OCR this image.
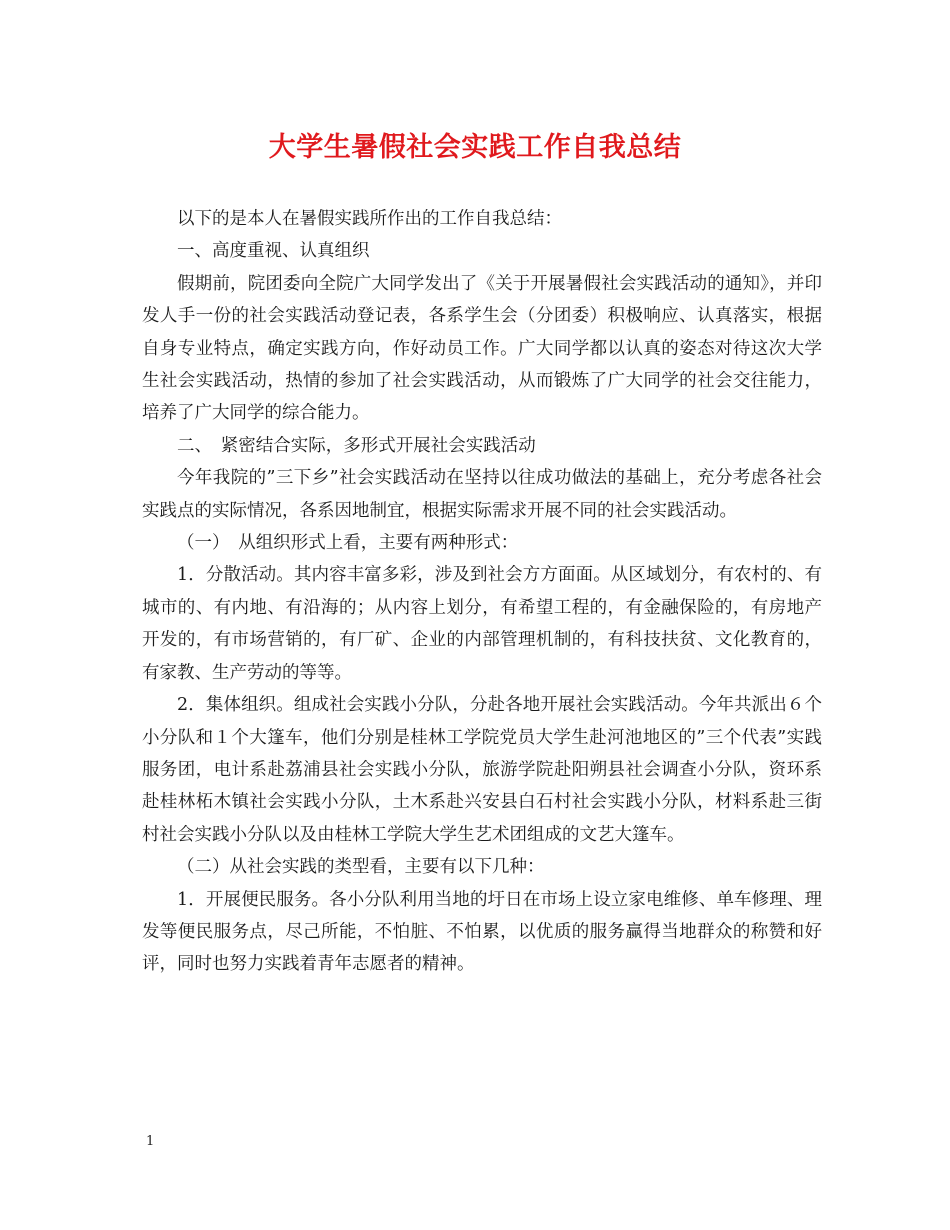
大学生暑假社会实践工作自我总结

以下的是本人在暑假实践所作出的工作自我总结：

一、高度重视、认真组织

假期前，院团委向全院广大同学发出了《关于开展暑假社会实践活动的通知》，并印发人手一份的社会实践活动登记表，各系学生会（分团委）积极响应、认真落实，根据自身专业特点，确定实践方向，作好动员工作。广大同学都以认真的姿态对待这次大学生社会实践活动，热情的参加了社会实践活动，从而锻炼了广大同学的社会交往能力，培养了广大同学的综合能力。

二、　紧密结合实际，多形式开展社会实践活动

今年我院的”三下乡”社会实践活动在坚持以往成功做法的基础上，充分考虑各社会实践点的实际情况，各系因地制宜，根据实际需求开展不同的社会实践活动。

（一）　从组织形式上看，主要有两种形式：

1．分散活动。其内容丰富多彩，涉及到社会方方面面。从区域划分，有农村的、有城市的、有内地、有沿海的；从内容上划分，有希望工程的，有金融保险的，有房地产开发的，有市场营销的，有厂矿、企业的内部管理机制的，有科技扶贫、文化教育的，有家教、生产劳动的等等。

2．集体组织。组成社会实践小分队，分赴各地开展社会实践活动。今年共派出６个小分队和１个大篷车，他们分别是桂林工学院党员大学生赴河池地区的”三个代表”实践服务团，电计系赴荔浦县社会实践小分队，旅游学院赴阳朔县社会调查小分队，资环系赴桂林柘木镇社会实践小分队，土木系赴兴安县白石村社会实践小分队，材料系赴三街村社会实践小分队以及由桂林工学院大学生艺术团组成的文艺大篷车。

（二）从社会实践的类型看，主要有以下几种：

1．开展便民服务。各小分队利用当地的圩日在市场上设立家电维修、单车修理、理发等便民服务点，尽己所能，不怕脏、不怕累，以优质的服务赢得当地群众的称赞和好评，同时也努力实践着青年志愿者的精神。

1
